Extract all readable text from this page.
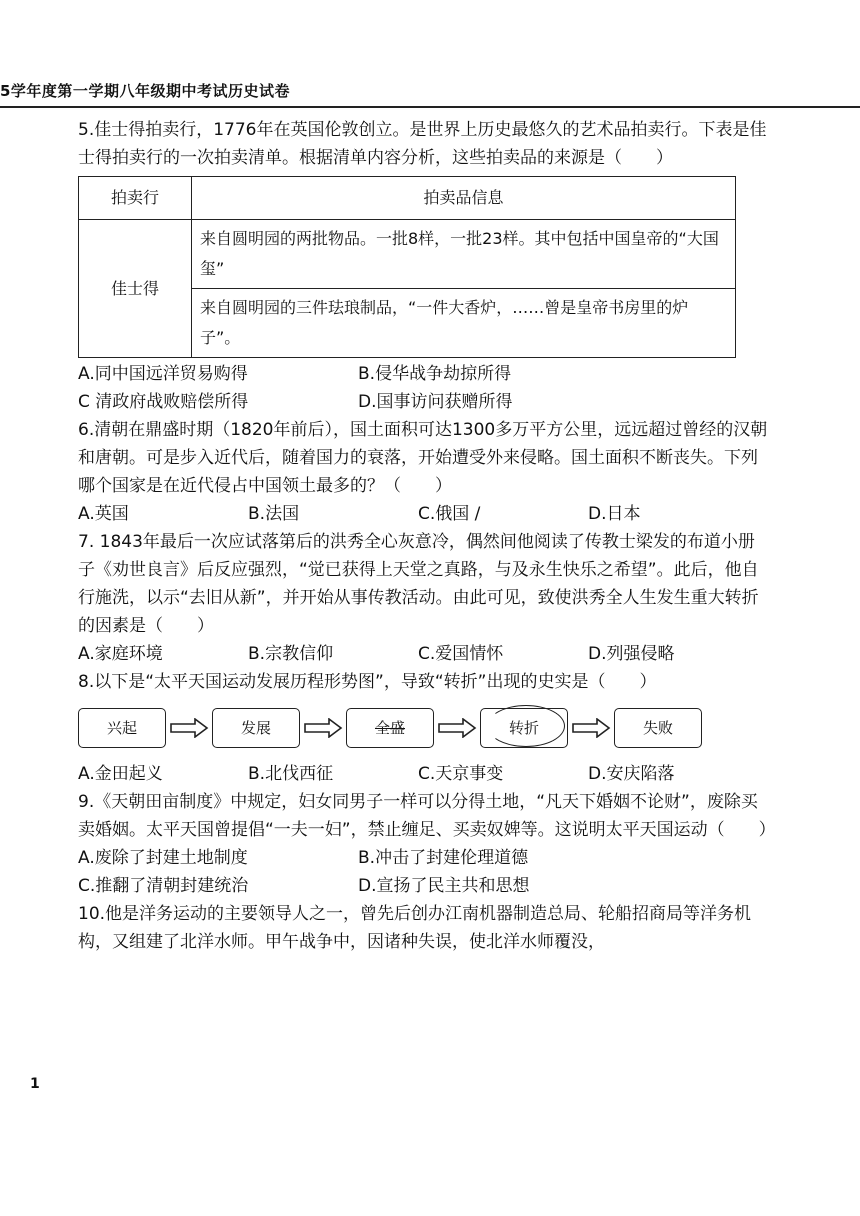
5学年度第一学期八年级期中考试历史试卷

5.佳士得拍卖行，1776年在英国伦敦创立。是世界上历史最悠久的艺术品拍卖行。下表是佳士得拍卖行的一次拍卖清单。根据清单内容分析，这些拍卖品的来源是（　　）

拍卖行	拍卖品信息
佳士得	来自圆明园的两批物品。一批8样，一批23样。其中包括中国皇帝的“大国玺”
	来自圆明园的三件珐琅制品，“一件大香炉，……曾是皇帝书房里的炉子”。
A.同中国远洋贸易购得	B.侵华战争劫掠所得
C 清政府战败赔偿所得	D.国事访问获赠所得

6.清朝在鼎盛时期（1820年前后），国土面积可达1300多万平方公里，远远超过曾经的汉朝和唐朝。可是步入近代后，随着国力的衰落，开始遭受外来侵略。国土面积不断丧失。下列哪个国家是在近代侵占中国领土最多的？（　　）

A.英国	B.法国	C.俄国 /	D.日本

7. 1843年最后一次应试落第后的洪秀全心灰意冷，偶然间他阅读了传教士梁发的布道小册子《劝世良言》后反应强烈，“觉已获得上天堂之真路，与及永生快乐之希望”。此后，他自行施洗，以示“去旧从新”，并开始从事传教活动。由此可见，致使洪秀全人生发生重大转折的因素是（　　）

A.家庭环境	B.宗教信仰	C.爱国情怀	D.列强侵略

8.以下是“太平天国运动发展历程形势图”，导致“转折”出现的史实是（　　）

兴起	发展	全盛	转折	失败
A.金田起义	B.北伐西征	C.天京事变	D.安庆陷落

9.《天朝田亩制度》中规定，妇女同男子一样可以分得土地，“凡天下婚姻不论财”，废除买卖婚姻。太平天国曾提倡“一夫一妇”，禁止缠足、买卖奴婢等。这说明太平天国运动（　　）

A.废除了封建土地制度	B.冲击了封建伦理道德
C.推翻了清朝封建统治	D.宣扬了民主共和思想

10.他是洋务运动的主要领导人之一，曾先后创办江南机器制造总局、轮船招商局等洋务机构，又组建了北洋水师。甲午战争中，因诸种失误，使北洋水师覆没，

1
